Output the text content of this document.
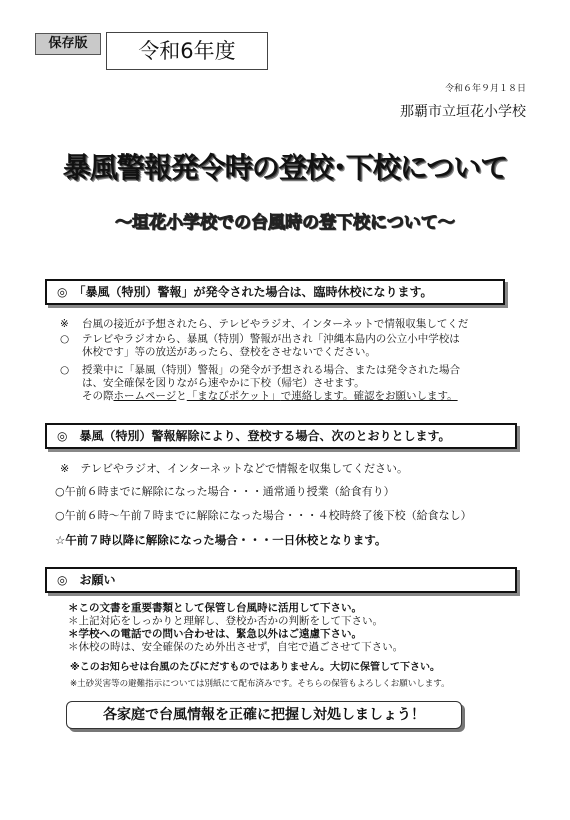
保存版	令和6年度
令和６年９月１８日
那覇市立垣花小学校
暴風警報発令時の登校･下校について
～垣花小学校での台風時の登下校について～
◎　「暴風（特別）警報」が発令された場合は、臨時休校になります。
※ 台風の接近が予想されたら、テレビやラジオ、インターネットで情報収集してくだ
○ テレビやラジオから、暴風（特別）警報が出され「沖縄本島内の公立小中学校は
休校です」等の放送があったら、登校をさせないでください。
○ 授業中に「暴風（特別）警報」の発令が予想される場合、または発令された場合
は、安全確保を図りながら速やかに下校（帰宅）させます。
その際ホームページと「まなびポケット」で連絡します。確認をお願いします。
◎　暴風（特別）警報解除により、登校する場合、次のとおりとします。
※　テレビやラジオ、インターネットなどで情報を収集してください。
○午前６時までに解除になった場合・・・通常通り授業（給食有り）
○午前６時～午前７時までに解除になった場合・・・４校時終了後下校（給食なし）
☆午前７時以降に解除になった場合・・・一日休校となります。
◎　お願い
＊この文書を重要書類として保管し台風時に活用して下さい。
＊上記対応をしっかりと理解し、登校か否かの判断をして下さい。
＊学校への電話での問い合わせは、緊急以外はご遠慮下さい。
＊休校の時は、安全確保のため外出させず，自宅で過ごさせて下さい。
※このお知らせは台風のたびにだすものではありません。大切に保管して下さい。
※土砂災害等の避難指示については別紙にて配布済みです。そちらの保管もよろしくお願いします。
各家庭で台風情報を正確に把握し対処しましょう！
